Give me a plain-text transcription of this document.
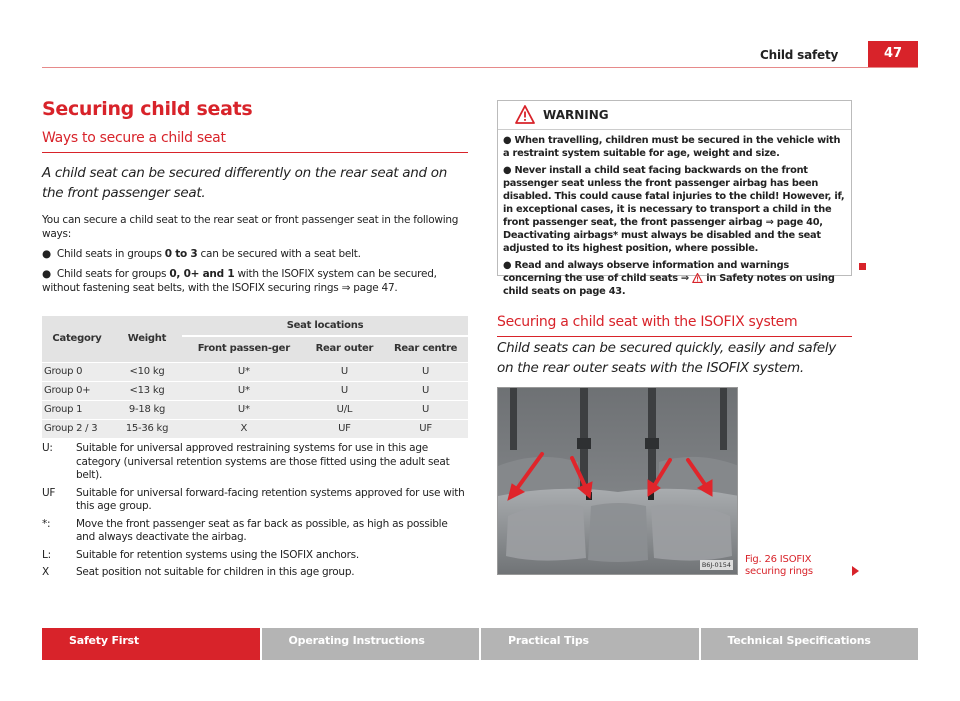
Child safety	47
Securing child seats
Ways to secure a child seat
A child seat can be secured differently on the rear seat and on the front passenger seat.
You can secure a child seat to the rear seat or front passenger seat in the following ways:
● Child seats in groups 0 to 3 can be secured with a seat belt.
● Child seats for groups 0, 0+ and 1 with the ISOFIX system can be secured, without fastening seat belts, with the ISOFIX securing rings ⇒ page 47.
Category	Weight	Seat locations		
		Front passen-ger	Rear outer	Rear centre
Group 0	<10 kg	U*	U	U
Group 0+	<13 kg	U*	U	U
Group 1	9-18 kg	U*	U/L	U
Group 2 / 3	15-36 kg	X	UF	UF
U:	Suitable for universal approved restraining systems for use in this age category (universal retention systems are those fitted using the adult seat belt).
UF	Suitable for universal forward-facing retention systems approved for use with this age group.
*:	Move the front passenger seat as far back as possible, as high as possible and always deactivate the airbag.
L:	Suitable for retention systems using the ISOFIX anchors.
X	Seat position not suitable for children in this age group.
WARNING

● When travelling, children must be secured in the vehicle with a restraint system suitable for age, weight and size.

● Never install a child seat facing backwards on the front passenger seat unless the front passenger airbag has been disabled. This could cause fatal injuries to the child! However, if, in exceptional cases, it is necessary to transport a child in the front passenger seat, the front passenger airbag ⇒ page 40, Deactivating airbags* must always be disabled and the seat adjusted to its highest position, where possible.

● Read and always observe information and warnings concerning the use of child seats ⇒ in Safety notes on using child seats on page 43.

Securing a child seat with the ISOFIX system
Child seats can be secured quickly, easily and safely on the rear outer seats with the ISOFIX system.
B6J-0154 Fig. 26 ISOFIX securing rings
Safety First	Operating Instructions	Practical Tips	Technical Specifications
